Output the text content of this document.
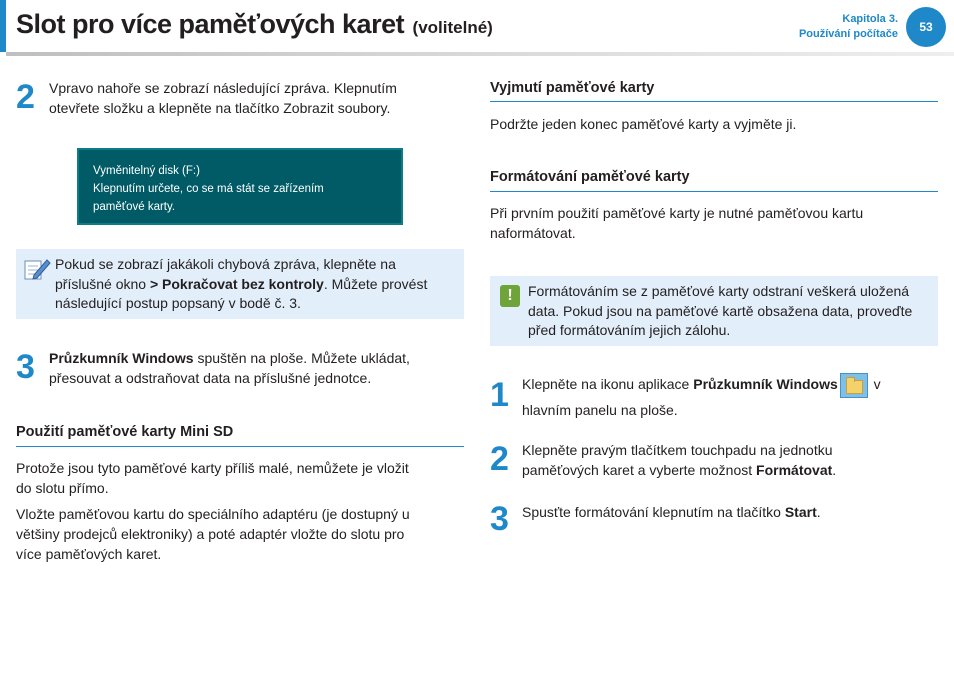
Slot pro více paměťových karet (volitelné)	Kapitola 3.
Používání počítače	53
2 Vpravo nahoře se zobrazí následující zpráva. Klepnutím
otevřete složku a klepněte na tlačítko Zobrazit soubory.
Vyměnitelný disk (F:)
Klepnutím určete, co se má stát se zařízením
paměťové karty.
Pokud se zobrazí jakákoli chybová zpráva, klepněte na
příslušné okno > Pokračovat bez kontroly. Můžete provést
následující postup popsaný v bodě č. 3.
3 Průzkumník Windows spuštěn na ploše. Můžete ukládat,
přesouvat a odstraňovat data na příslušné jednotce.
Použití paměťové karty Mini SD
Protože jsou tyto paměťové karty příliš malé, nemůžete je vložit
do slotu přímo.
Vložte paměťovou kartu do speciálního adaptéru (je dostupný u
většiny prodejců elektroniky) a poté adaptér vložte do slotu pro
více paměťových karet.
Vyjmutí paměťové karty
Podržte jeden konec paměťové karty a vyjměte ji.
Formátování paměťové karty
Při prvním použití paměťové karty je nutné paměťovou kartu
naformátovat.
Formátováním se z paměťové karty odstraní veškerá uložená
data. Pokud jsou na paměťové kartě obsažena data, proveďte
před formátováním jejich zálohu.
!
1 Klepněte na ikonu aplikace Průzkumník Windows
v
hlavním panelu na ploše.
2 Klepněte pravým tlačítkem touchpadu na jednotku
paměťových karet a vyberte možnost Formátovat.
3 Spusťte formátování klepnutím na tlačítko Start.
